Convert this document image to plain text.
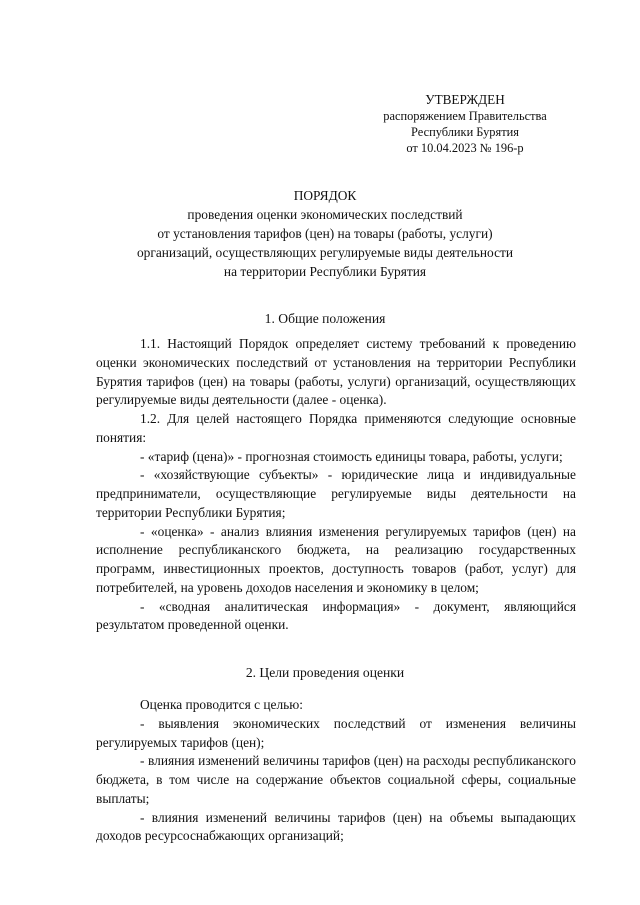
УТВЕРЖДЕН
распоряжением Правительства
Республики Бурятия
от 10.04.2023 № 196-р
ПОРЯДОК
проведения оценки экономических последствий
от установления тарифов (цен) на товары (работы, услуги)
организаций, осуществляющих регулируемые виды деятельности
на территории Республики Бурятия
1. Общие положения

1.1. Настоящий Порядок определяет систему требований к проведению оценки экономических последствий от установления на территории Республики Бурятия тарифов (цен) на товары (работы, услуги) организаций, осуществляющих регулируемые виды деятельности (далее - оценка).

1.2. Для целей настоящего Порядка применяются следующие основные понятия:

- «тариф (цена)» - прогнозная стоимость единицы товара, работы, услуги;

- «хозяйствующие субъекты» - юридические лица и индивидуальные предприниматели, осуществляющие регулируемые виды деятельности на территории Республики Бурятия;

- «оценка» - анализ влияния изменения регулируемых тарифов (цен) на исполнение республиканского бюджета, на реализацию государственных программ, инвестиционных проектов, доступность товаров (работ, услуг) для потребителей, на уровень доходов населения и экономику в целом;

- «сводная аналитическая информация» - документ, являющийся результатом проведенной оценки.

2. Цели проведения оценки

Оценка проводится с целью:

- выявления экономических последствий от изменения величины регулируемых тарифов (цен);

- влияния изменений величины тарифов (цен) на расходы республиканского бюджета, в том числе на содержание объектов социальной сферы, социальные выплаты;

- влияния изменений величины тарифов (цен) на объемы выпадающих доходов ресурсоснабжающих организаций;
